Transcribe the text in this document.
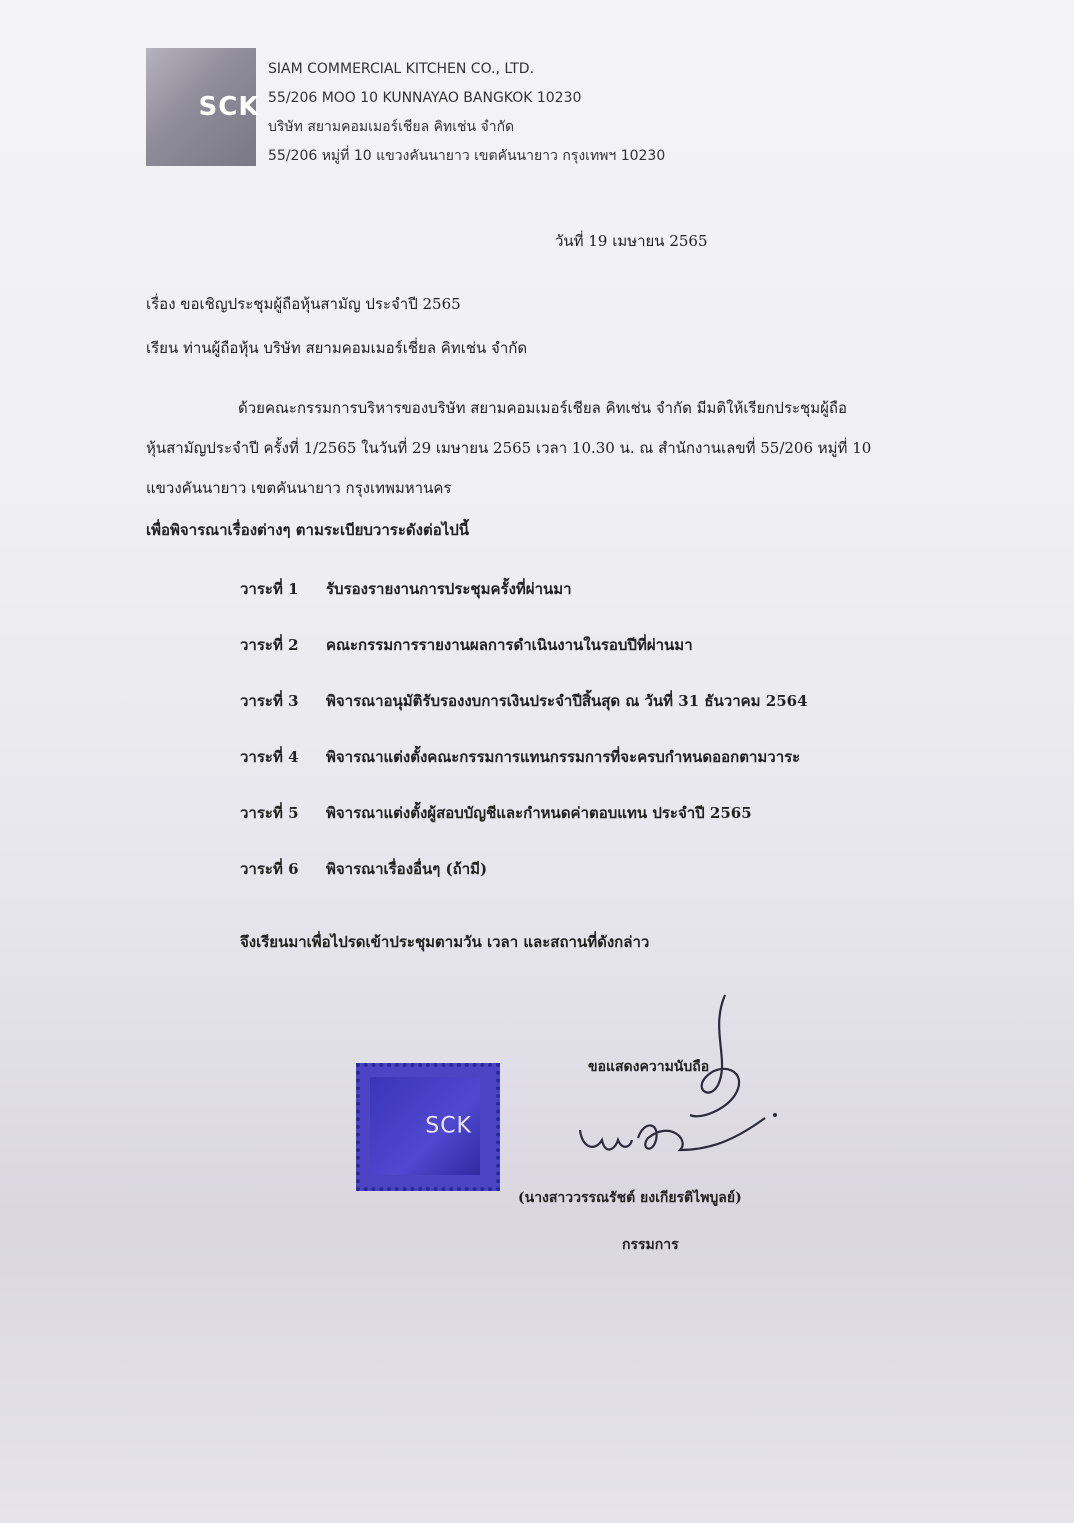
SCK
SIAM COMMERCIAL KITCHEN CO., LTD.
55/206 MOO 10 KUNNAYAO BANGKOK 10230
บริษัท สยามคอมเมอร์เชียล คิทเช่น จำกัด
55/206 หมู่ที่ 10 แขวงคันนายาว เขตคันนายาว กรุงเทพฯ 10230
วันที่ 19 เมษายน 2565
เรื่อง ขอเชิญประชุมผู้ถือหุ้นสามัญ ประจำปี 2565
เรียน ท่านผู้ถือหุ้น บริษัท สยามคอมเมอร์เชี่ยล คิทเช่น จำกัด
ด้วยคณะกรรมการบริหารของบริษัท สยามคอมเมอร์เชียล คิทเช่น จำกัด มีมติให้เรียกประชุมผู้ถือ
หุ้นสามัญประจำปี ครั้งที่ 1/2565 ในวันที่ 29 เมษายน 2565 เวลา 10.30 น. ณ สำนักงานเลขที่ 55/206 หมู่ที่ 10
แขวงคันนายาว เขตคันนายาว กรุงเทพมหานคร
เพื่อพิจารณาเรื่องต่างๆ ตามระเบียบวาระดังต่อไปนี้
วาระที่ 1	รับรองรายงานการประชุมครั้งที่ผ่านมา
วาระที่ 2	คณะกรรมการรายงานผลการดำเนินงานในรอบปีที่ผ่านมา
วาระที่ 3	พิจารณาอนุมัติรับรองงบการเงินประจำปีสิ้นสุด ณ วันที่ 31 ธันวาคม 2564
วาระที่ 4	พิจารณาแต่งตั้งคณะกรรมการแทนกรรมการที่จะครบกำหนดออกตามวาระ
วาระที่ 5	พิจารณาแต่งตั้งผู้สอบบัญชีและกำหนดค่าตอบแทน ประจำปี 2565
วาระที่ 6	พิจารณาเรื่องอื่นๆ (ถ้ามี)
จึงเรียนมาเพื่อไปรดเข้าประชุมตามวัน เวลา และสถานที่ดังกล่าว
SCK
ขอแสดงความนับถือ
(นางสาววรรณรัชต์ ยงเกียรติไพบูลย์)
กรรมการ
